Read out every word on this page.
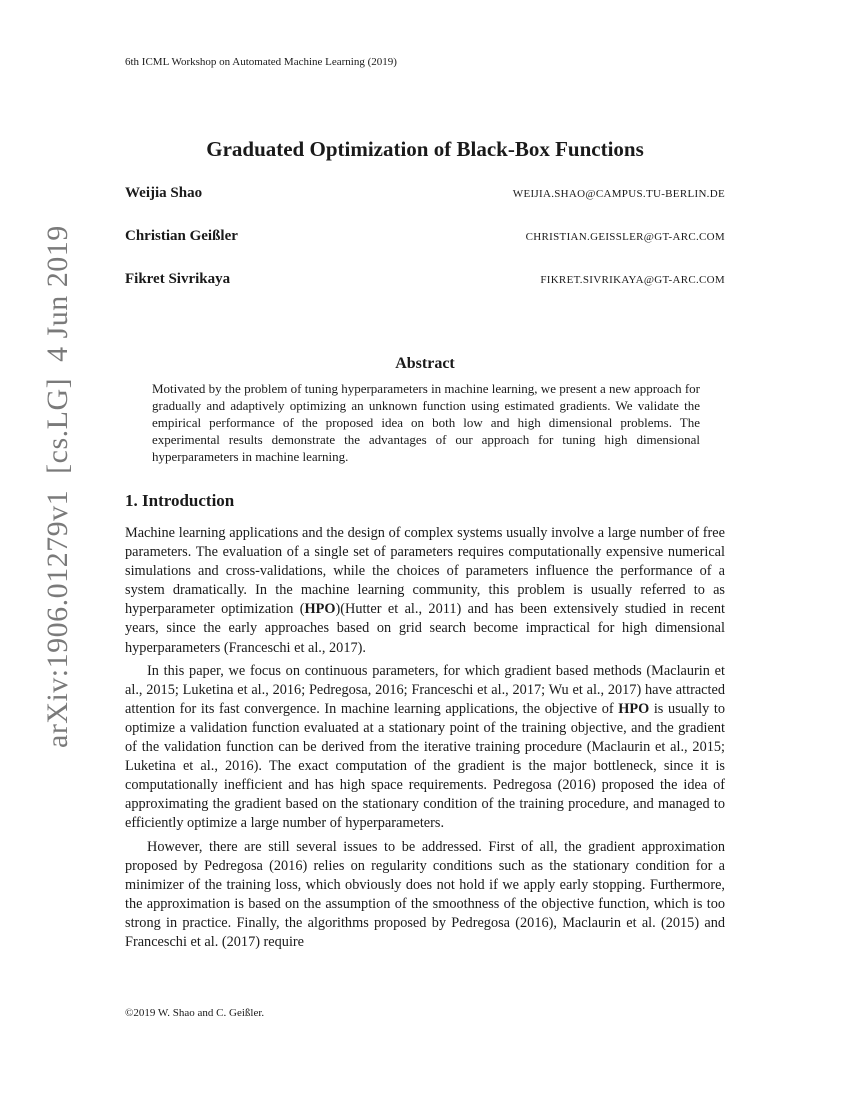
6th ICML Workshop on Automated Machine Learning (2019)
arXiv:1906.01279v1

[cs.LG]

4 Jun 2019
Graduated Optimization of Black-Box Functions
Weijia Shao	WEIJIA.SHAO@CAMPUS.TU-BERLIN.DE
Christian Geißler	CHRISTIAN.GEISSLER@GT-ARC.COM
Fikret Sivrikaya	FIKRET.SIVRIKAYA@GT-ARC.COM
Abstract
Motivated by the problem of tuning hyperparameters in machine learning, we present a new approach for gradually and adaptively optimizing an unknown function using estimated gradients. We validate the empirical performance of the proposed idea on both low and high dimensional problems. The experimental results demonstrate the advantages of our approach for tuning high dimensional hyperparameters in machine learning.
1. Introduction

Machine learning applications and the design of complex systems usually involve a large number of free parameters. The evaluation of a single set of parameters requires computationally expensive numerical simulations and cross-validations, while the choices of parameters influence the performance of a system dramatically. In the machine learning community, this problem is usually referred to as hyperparameter optimization (HPO)(Hutter et al., 2011) and has been extensively studied in recent years, since the early approaches based on grid search become impractical for high dimensional hyperparameters (Franceschi et al., 2017).

In this paper, we focus on continuous parameters, for which gradient based methods (Maclaurin et al., 2015; Luketina et al., 2016; Pedregosa, 2016; Franceschi et al., 2017; Wu et al., 2017) have attracted attention for its fast convergence. In machine learning applications, the objective of HPO is usually to optimize a validation function evaluated at a stationary point of the training objective, and the gradient of the validation function can be derived from the iterative training procedure (Maclaurin et al., 2015; Luketina et al., 2016). The exact computation of the gradient is the major bottleneck, since it is computationally inefficient and has high space requirements. Pedregosa (2016) proposed the idea of approximating the gradient based on the stationary condition of the training procedure, and managed to efficiently optimize a large number of hyperparameters.

However, there are still several issues to be addressed. First of all, the gradient approximation proposed by Pedregosa (2016) relies on regularity conditions such as the stationary condition for a minimizer of the training loss, which obviously does not hold if we apply early stopping. Furthermore, the approximation is based on the assumption of the smoothness of the objective function, which is too strong in practice. Finally, the algorithms proposed by Pedregosa (2016), Maclaurin et al. (2015) and Franceschi et al. (2017) require

©2019 W. Shao and C. Geißler.
